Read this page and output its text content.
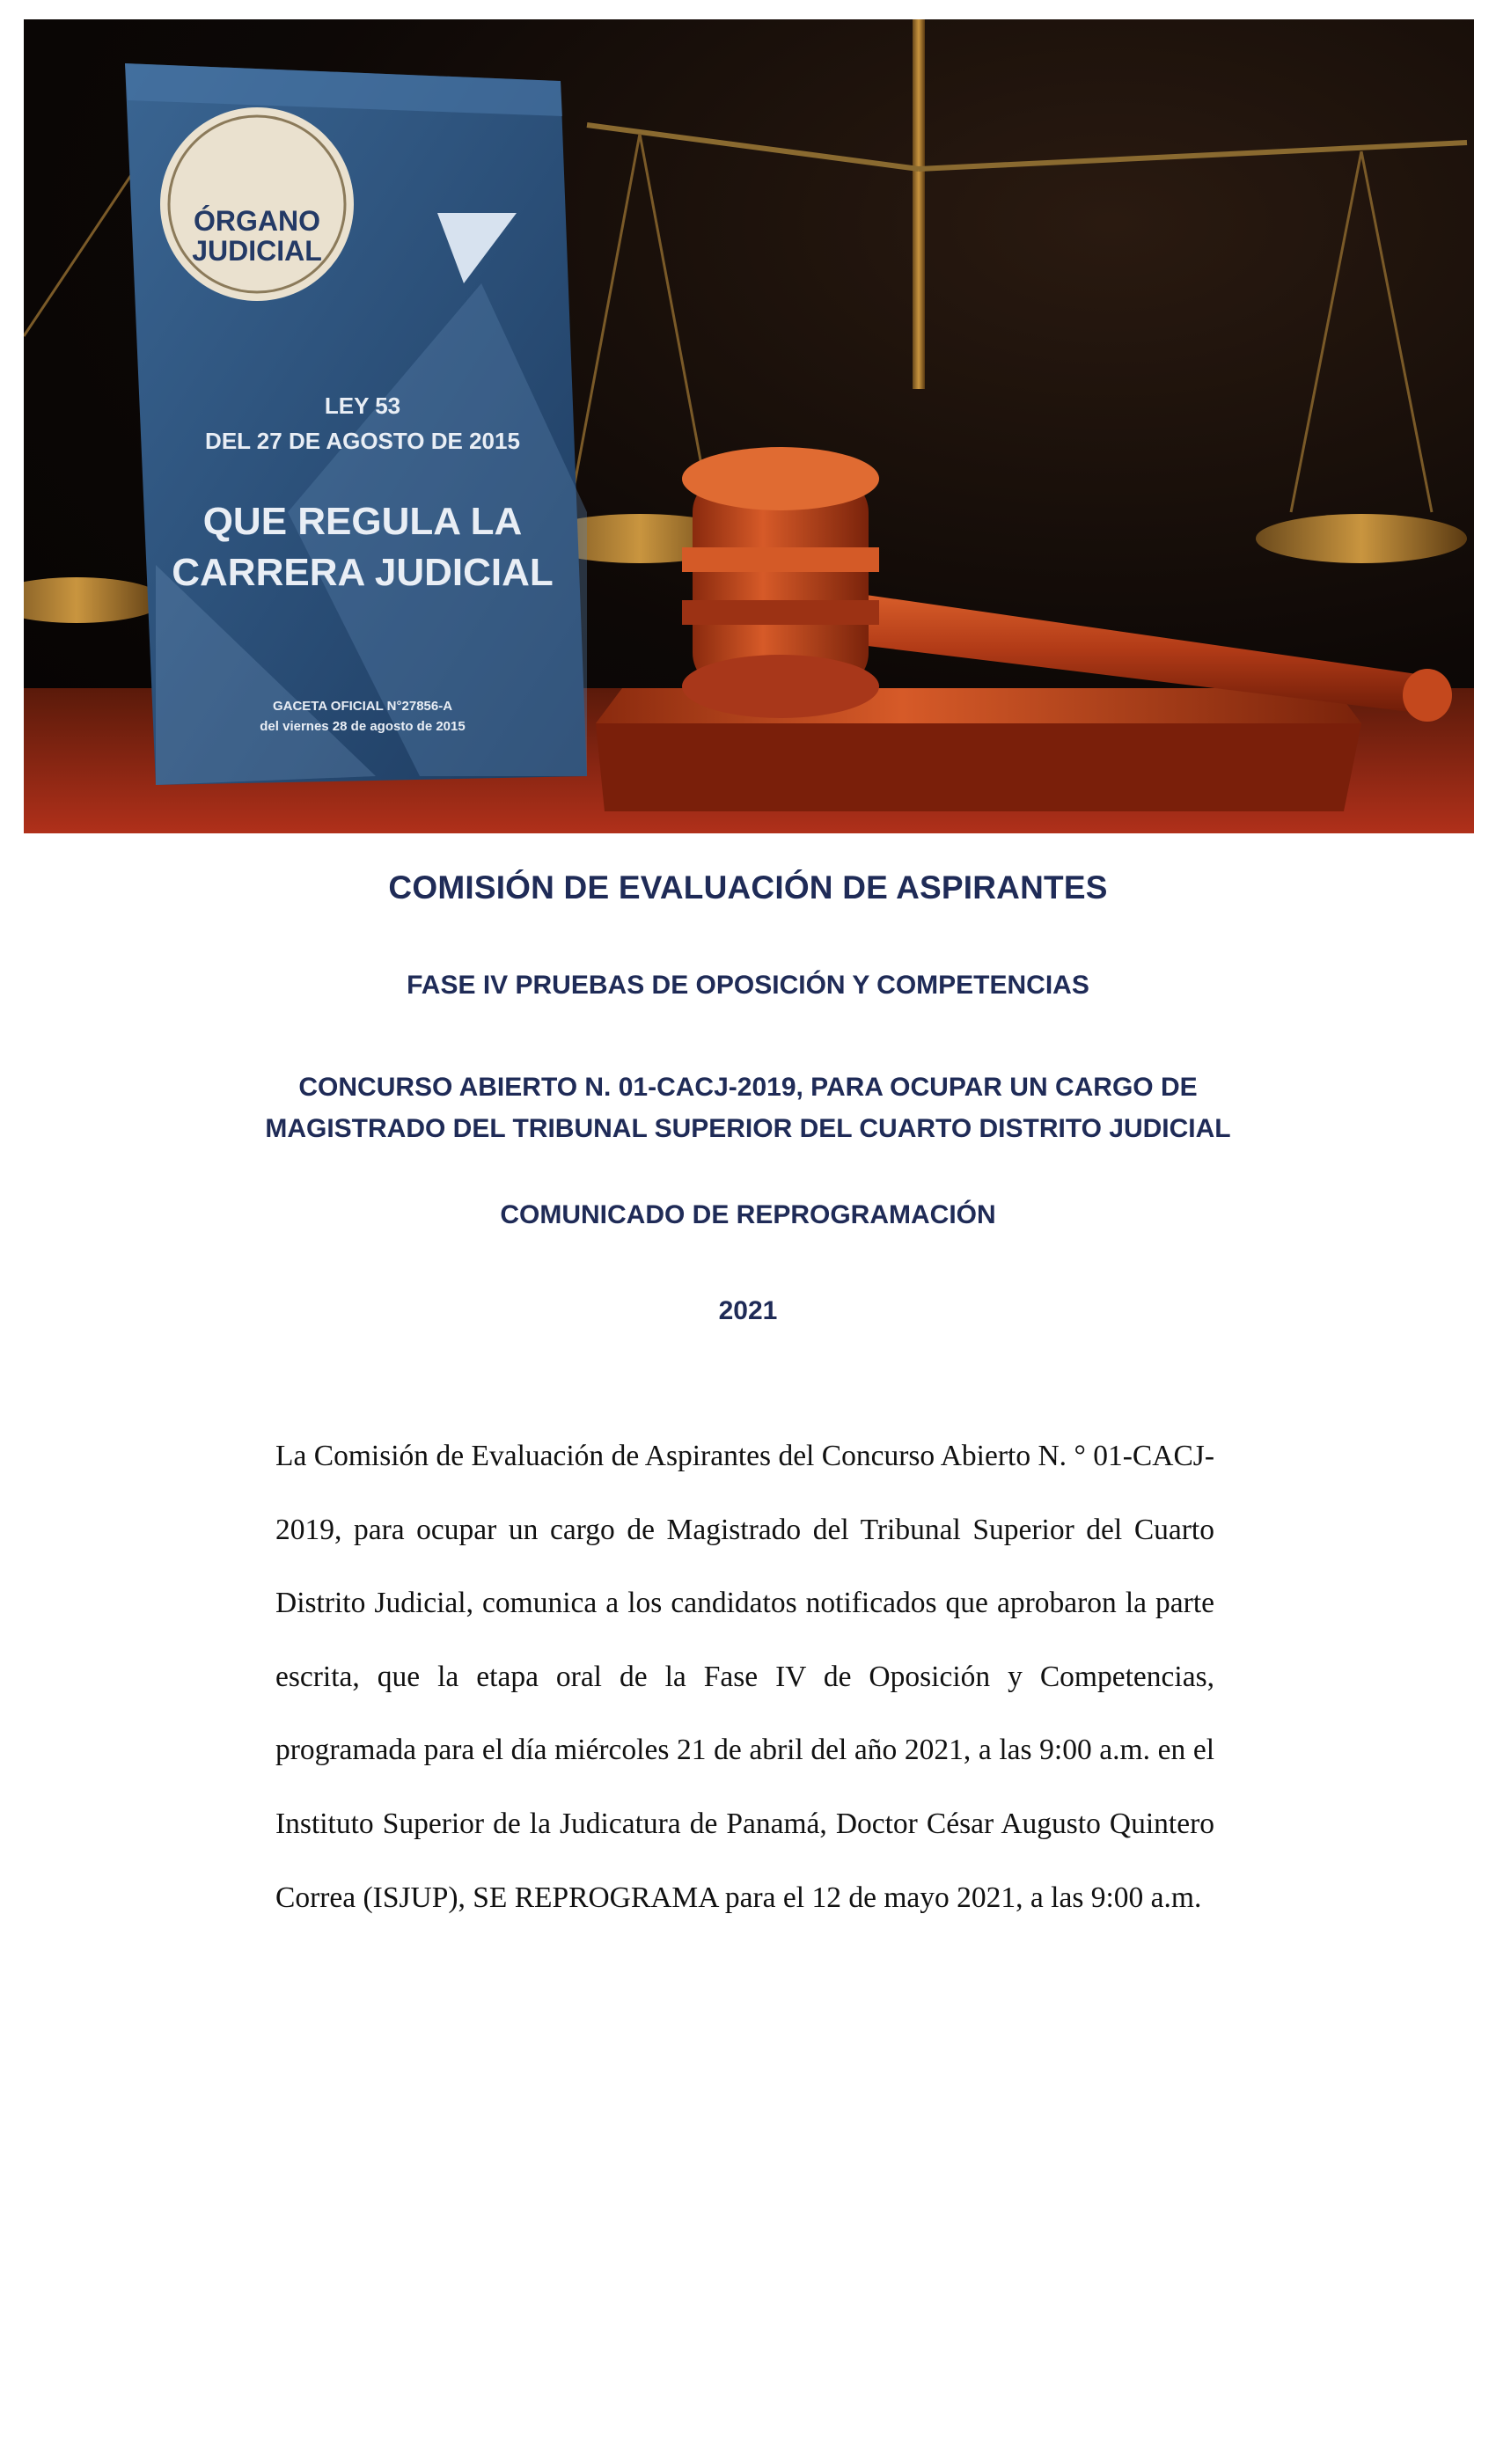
ÓRGANO
JUDICIAL
LEY 53
DEL 27 DE AGOSTO DE 2015
QUE REGULA LA
CARRERA JUDICIAL
GACETA OFICIAL N°27856-A
del viernes 28 de agosto de 2015
COMISIÓN DE EVALUACIÓN DE ASPIRANTES
FASE IV PRUEBAS DE OPOSICIÓN Y COMPETENCIAS
CONCURSO ABIERTO N. 01-CACJ-2019, PARA OCUPAR UN CARGO DE
MAGISTRADO DEL TRIBUNAL SUPERIOR DEL CUARTO DISTRITO JUDICIAL
COMUNICADO DE REPROGRAMACIÓN
2021

La Comisión de Evaluación de Aspirantes del Concurso Abierto N. ° 01-CACJ-2019, para ocupar un cargo de Magistrado del Tribunal Superior del Cuarto Distrito Judicial, comunica a los candidatos notificados que aprobaron la parte escrita, que la etapa oral de la Fase IV de Oposición y Competencias, programada para el día miércoles 21 de abril del año 2021, a las 9:00 a.m. en el Instituto Superior de la Judicatura de Panamá, Doctor César Augusto Quintero Correa (ISJUP), SE REPROGRAMA para el 12 de mayo 2021, a las 9:00 a.m.
